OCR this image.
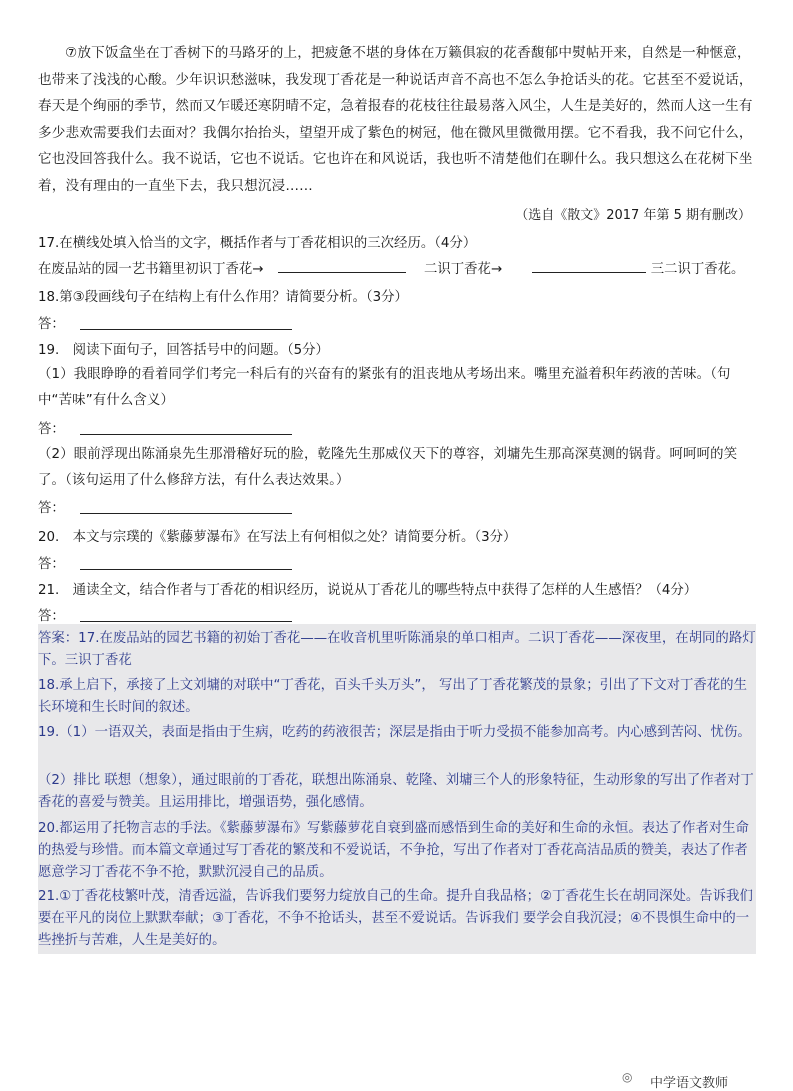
⑦放下饭盒坐在丁香树下的马路牙的上，把疲惫不堪的身体在万籁俱寂的花香馥郁中熨帖开来，自然是一种惬意，也带来了浅浅的心酸。少年识识愁滋味，我发现丁香花是一种说话声音不高也不怎么争抢话头的花。它甚至不爱说话，春天是个绚丽的季节，然而又乍暖还寒阴晴不定，急着报春的花枝往往最易落入风尘，人生是美好的，然而人这一生有多少悲欢需要我们去面对？我偶尔抬抬头，望望开成了紫色的树冠，他在微风里微微用摆。它不看我，我不问它什么，它也没回答我什么。我不说话，它也不说话。它也许在和风说话，我也听不清楚他们在聊什么。我只想这么在花树下坐着，没有理由的一直坐下去，我只想沉浸……

（选自《散文》2017 年第 5 期有删改）
17.在横线处填入恰当的文字，概括作者与丁香花相识的三次经历。（4分）
在废品站的园一艺书籍里初识丁香花→	二识丁香花→	三二识丁香花。
18.第③段画线句子在结构上有什么作用？请简要分析。（3分）
答：
19.　阅读下面句子，回答括号中的问题。（5分）

（1）我眼睁睁的看着同学们考完一科后有的兴奋有的紧张有的沮丧地从考场出来。嘴里充溢着积年药液的苦味。（句中“苦味”有什么含义）

答：

（2）眼前浮现出陈涌泉先生那滑稽好玩的脸，乾隆先生那威仪天下的尊容，刘墉先生那高深莫测的锅背。呵呵呵的笑了。（该句运用了什么修辞方法，有什么表达效果。）

答：
20.　本文与宗璞的《紫藤萝瀑布》在写法上有何相似之处？请简要分析。（3分）
答：
21.　通读全文，结合作者与丁香花的相识经历，说说从丁香花儿的哪些特点中获得了怎样的人生感悟？（4分）
答：

答案：17.在废品站的园艺书籍的初始丁香花——在收音机里听陈涌泉的单口相声。二识丁香花——深夜里，在胡同的路灯下。三识丁香花

18.承上启下，承接了上文刘墉的对联中“丁香花，百头千头万头”， 写出了丁香花繁茂的景象；引出了下文对丁香花的生长环境和生长时间的叙述。

19.（1）一语双关，表面是指由于生病，吃药的药液很苦；深层是指由于听力受损不能参加高考。内心感到苦闷、忧伤。

（2）排比 联想（想象），通过眼前的丁香花，联想出陈涌泉、乾隆、刘墉三个人的形象特征，生动形象的写出了作者对丁香花的喜爱与赞美。且运用排比，增强语势，强化感情。

20.都运用了托物言志的手法。《紫藤萝瀑布》写紫藤萝花自衰到盛而感悟到生命的美好和生命的永恒。表达了作者对生命的热爱与珍惜。而本篇文章通过写丁香花的繁茂和不爱说话，不争抢，写出了作者对丁香花高洁品质的赞美，表达了作者愿意学习丁香花不争不抢，默默沉浸自己的品质。

21.①丁香花枝繁叶茂，清香远溢，告诉我们要努力绽放自己的生命。提升自我品格；②丁香花生长在胡同深处。告诉我们要在平凡的岗位上默默奉献；③丁香花，不争不抢话头，甚至不爱说话。告诉我们 要学会自我沉浸；④不畏惧生命中的一些挫折与苦难，人生是美好的。

◎ 中学语文教师
